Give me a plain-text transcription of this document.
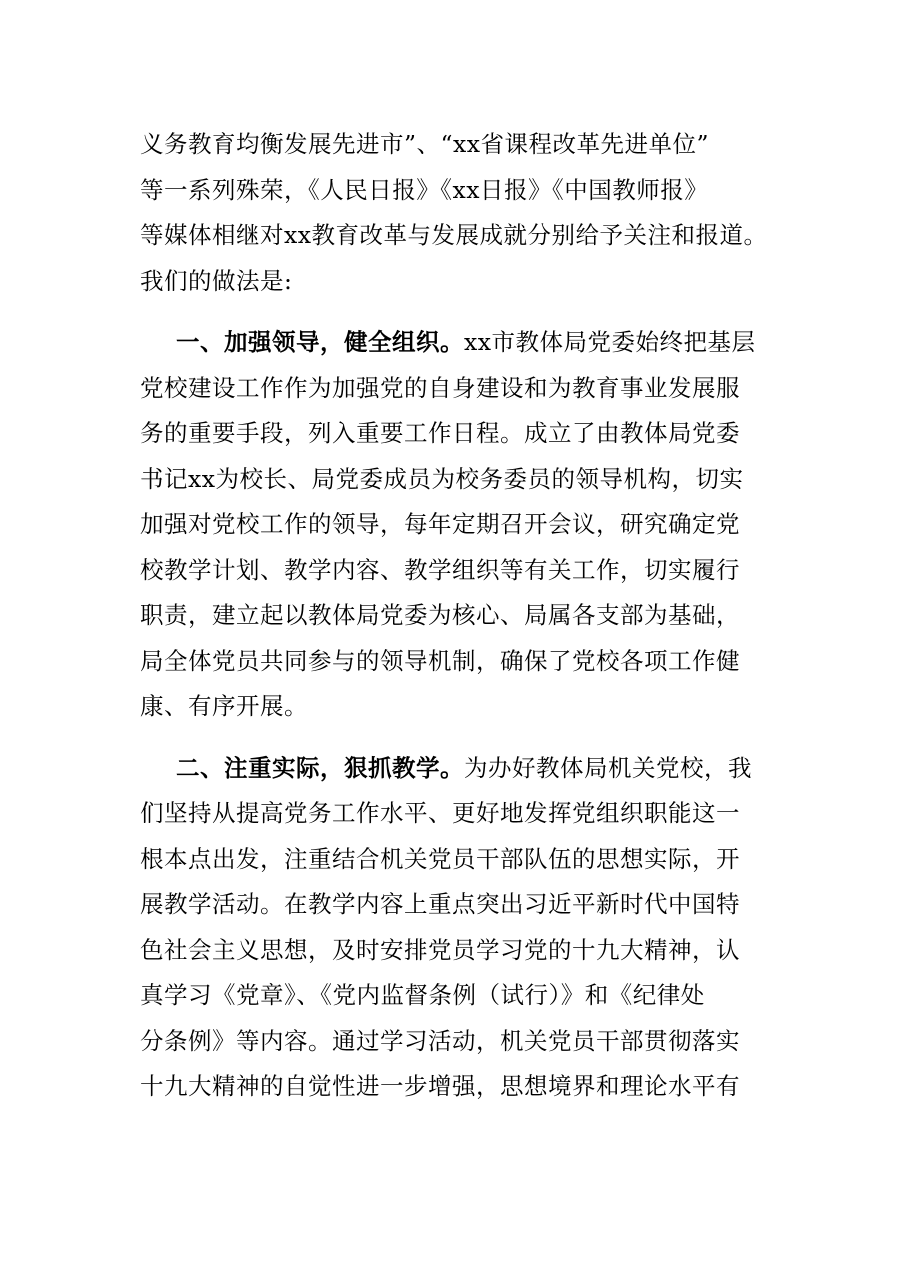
义务教育均衡发展先进市”、“xx省课程改革先进单位”
等一系列殊荣，《人民日报》《xx日报》《中国教师报》
等媒体相继对xx教育改革与发展成就分别给予关注和报道。
我们的做法是:
一、加强领导，健全组织。xx市教体局党委始终把基层
党校建设工作作为加强党的自身建设和为教育事业发展服
务的重要手段，列入重要工作日程。成立了由教体局党委
书记xx为校长、局党委成员为校务委员的领导机构，切实
加强对党校工作的领导，每年定期召开会议，研究确定党
校教学计划、教学内容、教学组织等有关工作，切实履行
职责，建立起以教体局党委为核心、局属各支部为基础，
局全体党员共同参与的领导机制，确保了党校各项工作健
康、有序开展。
二、注重实际，狠抓教学。为办好教体局机关党校，我
们坚持从提高党务工作水平、更好地发挥党组织职能这一
根本点出发，注重结合机关党员干部队伍的思想实际，开
展教学活动。在教学内容上重点突出习近平新时代中国特
色社会主义思想，及时安排党员学习党的十九大精神，认
真学习《党章》、《党内监督条例（试行）》和《纪律处
分条例》等内容。通过学习活动，机关党员干部贯彻落实
十九大精神的自觉性进一步增强，思想境界和理论水平有
